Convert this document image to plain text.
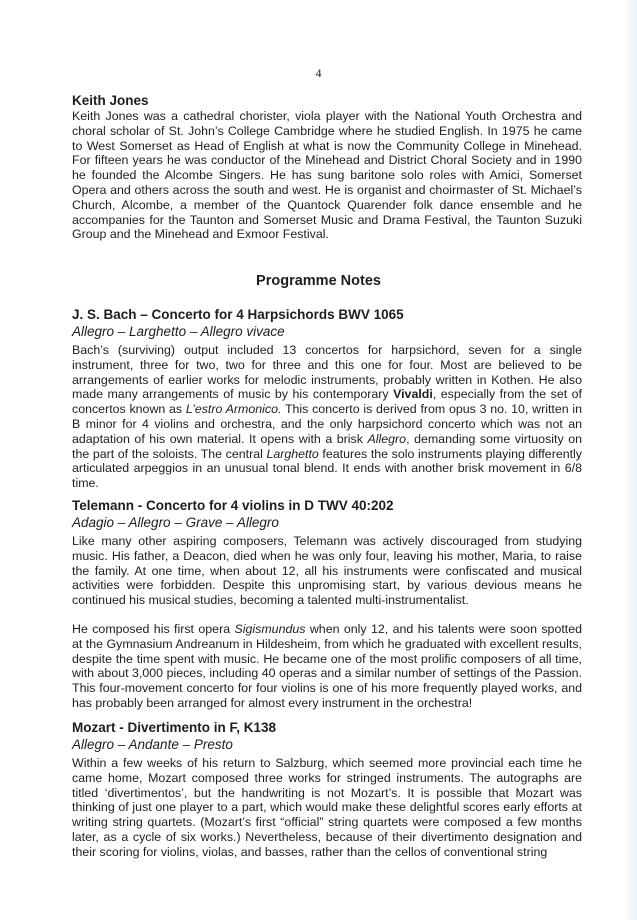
4
Keith Jones

Keith Jones was a cathedral chorister, viola player with the National Youth Orchestra and choral scholar of St. John’s College Cambridge where he studied English. In 1975 he came to West Somerset as Head of English at what is now the Community College in Minehead. For fifteen years he was conductor of the Minehead and District Choral Society and in 1990 he founded the Alcombe Singers. He has sung baritone solo roles with Amici, Somerset Opera and others across the south and west. He is organist and choirmaster of St. Michael’s Church, Alcombe, a member of the Quantock Quarender folk dance ensemble and he accompanies for the Taunton and Somerset Music and Drama Festival, the Taunton Suzuki Group and the Minehead and Exmoor Festival.

Programme Notes
J. S. Bach – Concerto for 4 Harpsichords BWV 1065
Allegro – Larghetto – Allegro vivace

Bach’s (surviving) output included 13 concertos for harpsichord, seven for a single instrument, three for two, two for three and this one for four. Most are believed to be arrangements of earlier works for melodic instruments, probably written in Kothen. He also made many arrangements of music by his contemporary Vivaldi, especially from the set of concertos known as L’estro Armonico. This concerto is derived from opus 3 no. 10, written in B minor for 4 violins and orchestra, and the only harpsichord concerto which was not an adaptation of his own material. It opens with a brisk Allegro, demanding some virtuosity on the part of the soloists. The central Larghetto features the solo instruments playing differently articulated arpeggios in an unusual tonal blend. It ends with another brisk movement in 6/8 time.

Telemann - Concerto for 4 violins in D TWV 40:202
Adagio – Allegro – Grave – Allegro

Like many other aspiring composers, Telemann was actively discouraged from studying music. His father, a Deacon, died when he was only four, leaving his mother, Maria, to raise the family. At one time, when about 12, all his instruments were confiscated and musical activities were forbidden. Despite this unpromising start, by various devious means he continued his musical studies, becoming a talented multi-instrumentalist.

He composed his first opera Sigismundus when only 12, and his talents were soon spotted at the Gymnasium Andreanum in Hildesheim, from which he graduated with excellent results, despite the time spent with music. He became one of the most prolific composers of all time, with about 3,000 pieces, including 40 operas and a similar number of settings of the Passion. This four-movement concerto for four violins is one of his more frequently played works, and has probably been arranged for almost every instrument in the orchestra!

Mozart - Divertimento in F, K138
Allegro – Andante – Presto

Within a few weeks of his return to Salzburg, which seemed more provincial each time he came home, Mozart composed three works for stringed instruments. The autographs are titled ‘divertimentos’, but the handwriting is not Mozart’s. It is possible that Mozart was thinking of just one player to a part, which would make these delightful scores early efforts at writing string quartets. (Mozart’s first “official” string quartets were composed a few months later, as a cycle of six works.) Nevertheless, because of their divertimento designation and their scoring for violins, violas, and basses, rather than the cellos of conventional string
